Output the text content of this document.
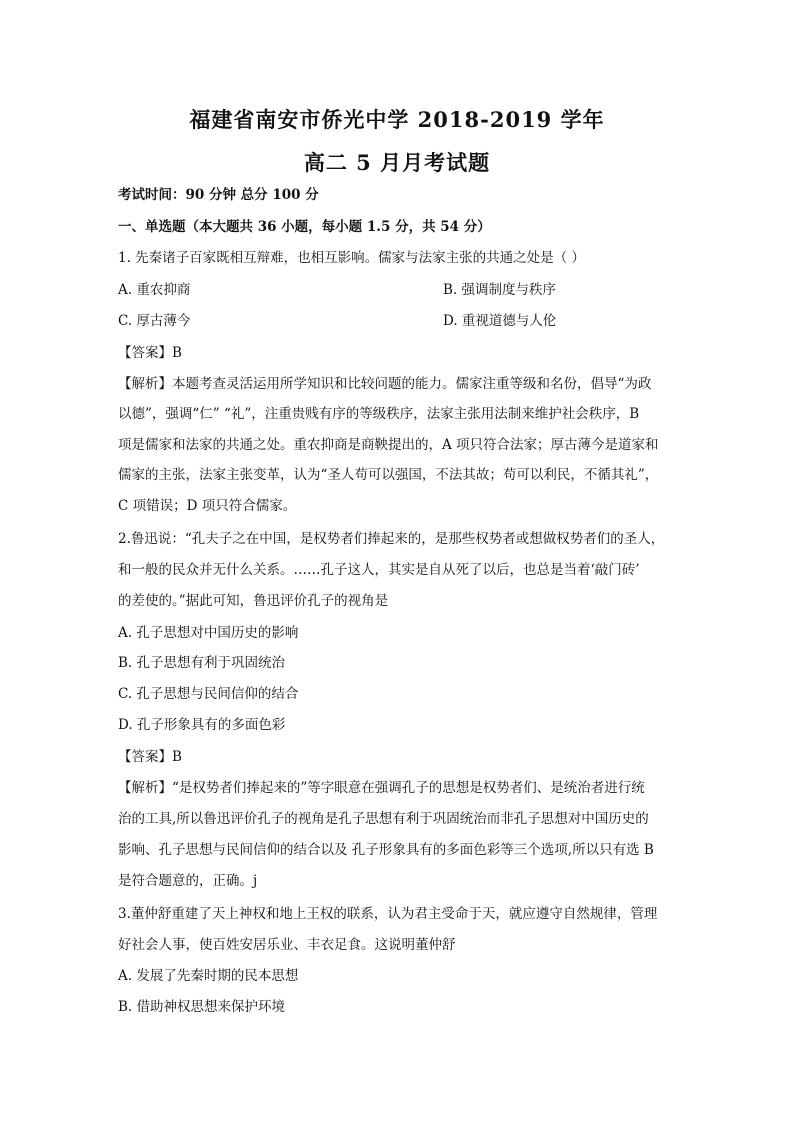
福建省南安市侨光中学 2018-2019 学年
高二 5 月月考试题

考试时间：90 分钟 总分 100 分

一、单选题（本大题共 36 小题，每小题 1.5 分，共 54 分）

1. 先秦诸子百家既相互辩难，也相互影响。儒家与法家主张的共通之处是（ ）

A. 重农抑商	B. 强调制度与秩序

C. 厚古薄今	D. 重视道德与人伦

【答案】B

【解析】本题考查灵活运用所学知识和比较问题的能力。儒家注重等级和名份，倡导“为政

以德”，强调“仁” “礼”，注重贵贱有序的等级秩序，法家主张用法制来维护社会秩序，B

项是儒家和法家的共通之处。重农抑商是商鞅提出的，A 项只符合法家；厚古薄今是道家和

儒家的主张，法家主张变革，认为“圣人苟可以强国，不法其故；苟可以利民，不循其礼”，

C 项错误；D 项只符合儒家。

2.鲁迅说：“孔夫子之在中国，是权势者们捧起来的，是那些权势者或想做权势者们的圣人，

和一般的民众并无什么关系。……孔子这人，其实是自从死了以后，也总是当着‘敲门砖’

的差使的。”据此可知，鲁迅评价孔子的视角是

A. 孔子思想对中国历史的影响

B. 孔子思想有利于巩固统治

C. 孔子思想与民间信仰的结合

D. 孔子形象具有的多面色彩

【答案】B

【解析】“是权势者们捧起来的”等字眼意在强调孔子的思想是权势者们、是统治者进行统

治的工具,所以鲁迅评价孔子的视角是孔子思想有利于巩固统治而非孔子思想对中国历史的

影响、孔子思想与民间信仰的结合以及 孔子形象具有的多面色彩等三个选项,所以只有选 B

是符合题意的，正确。j

3.董仲舒重建了天上神权和地上王权的联系，认为君主受命于天，就应遵守自然规律，管理

好社会人事，使百姓安居乐业、丰衣足食。这说明董仲舒

A. 发展了先秦时期的民本思想

B. 借助神权思想来保护环境
